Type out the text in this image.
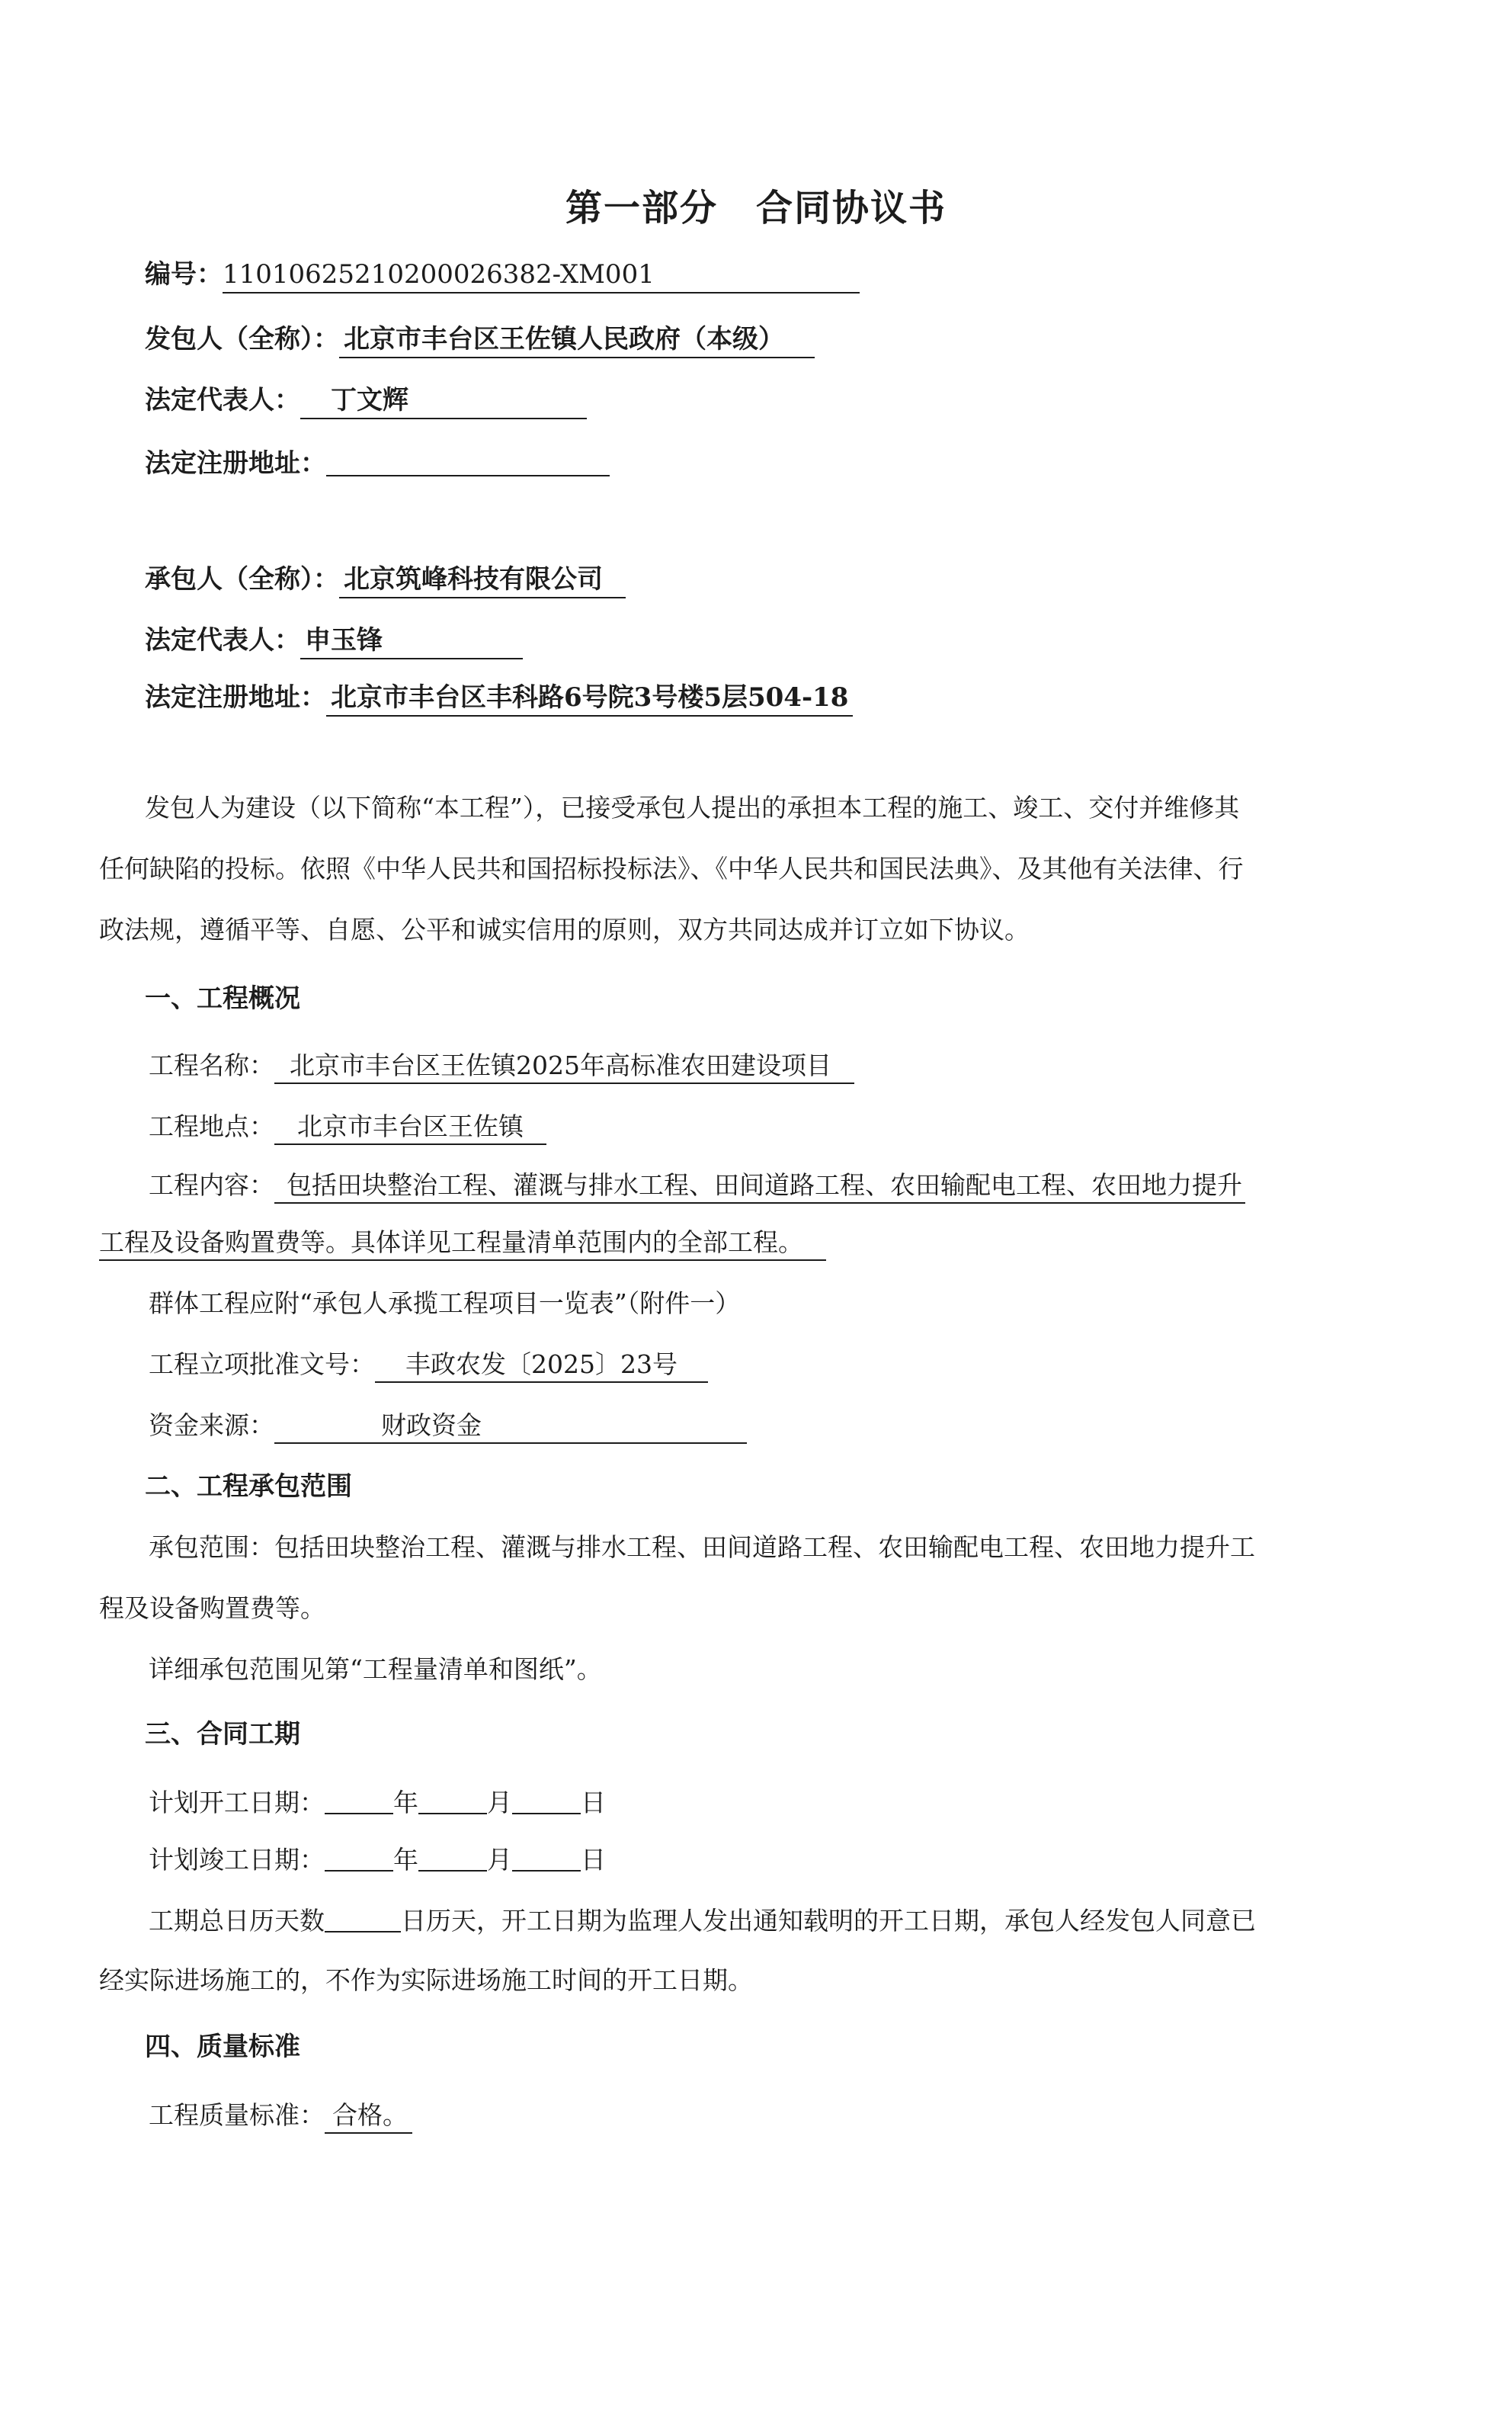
第一部分　合同协议书
编号：110106252102000263​82-XM001
发包人（全称）： 北京市丰台区王佐镇人民政府（本级）
法定代表人： 丁文辉
法定注册地址：
承包人（全称）： 北京筑峰科技有限公司
法定代表人： 申玉锋
法定注册地址： 北京市丰台区丰科路6号院3号楼5层504-18
发包人为建设（以下简称“本工程”），已接受承包人提出的承担本工程的施工、竣工、交付并维修其
任何缺陷的投标。依照《中华人民共和国招标投标法》、《中华人民共和国民法典》、及其他有关法律、行
政法规，遵循平等、自愿、公平和诚实信用的原则，双方共同达成并订立如下协议。
一、工程概况
工程名称： 北京市丰台区王佐镇2025年高标准农田建设项目
工程地点： 北京市丰台区王佐镇
工程内容： 包括田块整治工程、灌溉与排水工程、田间道路工程、农田输配电工程、农田地力提升
工程及设备购置费等。具体详见工程量清单范围内的全部工程。
群体工程应附“承包人承揽工程项目一览表”（附件一）
工程立项批准文号： 丰政农发〔2025〕23号
资金来源：	财政资金
二、工程承包范围
承包范围：包括田块整治工程、灌溉与排水工程、田间道路工程、农田输配电工程、农田地力提升工
程及设备购置费等。
详细承包范围见第“工程量清单和图纸”。
三、合同工期
计划开工日期：	年	月	日
计划竣工日期：	年	月	日
工期总日历天数	日历天，开工日期为监理人发出通知载明的开工日期，承包人经发包人同意已
经实际进场施工的，不作为实际进场施工时间的开工日期。
四、质量标准
工程质量标准： 合格。
